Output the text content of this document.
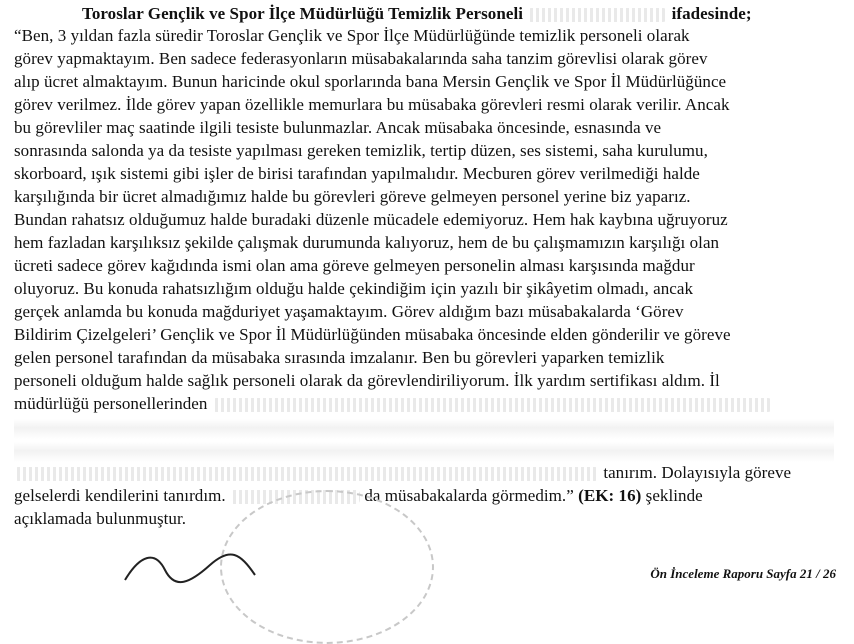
Toroslar Gençlik ve Spor İlçe Müdürlüğü Temizlik Personeli	ifadesinde;
“Ben, 3 yıldan fazla süredir Toroslar Gençlik ve Spor İlçe Müdürlüğünde temizlik personeli olarak
görev yapmaktayım. Ben sadece federasyonların müsabakalarında saha tanzim görevlisi olarak görev
alıp ücret almaktayım. Bunun haricinde okul sporlarında bana Mersin Gençlik ve Spor İl Müdürlüğünce
görev verilmez. İlde görev yapan özellikle memurlara bu müsabaka görevleri resmi olarak verilir. Ancak
bu görevliler maç saatinde ilgili tesiste bulunmazlar. Ancak müsabaka öncesinde, esnasında ve
sonrasında salonda ya da tesiste yapılması gereken temizlik, tertip düzen, ses sistemi, saha kurulumu,
skorboard, ışık sistemi gibi işler de birisi tarafından yapılmalıdır. Mecburen görev verilmediği halde
karşılığında bir ücret almadığımız halde bu görevleri göreve gelmeyen personel yerine biz yaparız.
Bundan rahatsız olduğumuz halde buradaki düzenle mücadele edemiyoruz. Hem hak kaybına uğruyoruz
hem fazladan karşılıksız şekilde çalışmak durumunda kalıyoruz, hem de bu çalışmamızın karşılığı olan
ücreti sadece görev kağıdında ismi olan ama göreve gelmeyen personelin alması karşısında mağdur
oluyoruz. Bu konuda rahatsızlığım olduğu halde çekindiğim için yazılı bir şikâyetim olmadı, ancak
gerçek anlamda bu konuda mağduriyet yaşamaktayım. Görev aldığım bazı müsabakalarda ‘Görev
Bildirim Çizelgeleri’ Gençlik ve Spor İl Müdürlüğünden müsabaka öncesinde elden gönderilir ve göreve
gelen personel tarafından da müsabaka sırasında imzalanır. Ben bu görevleri yaparken temizlik
personeli olduğum halde sağlık personeli olarak da görevlendiriliyorum. İlk yardım sertifikası aldım. İl
müdürlüğü personellerinden
tanırım. Dolayısıyla göreve
gelselerdi kendilerini tanırdım.	da müsabakalarda görmedim.” (EK: 16) şeklinde
açıklamada bulunmuştur.
Ön İnceleme Raporu Sayfa 21 / 26
